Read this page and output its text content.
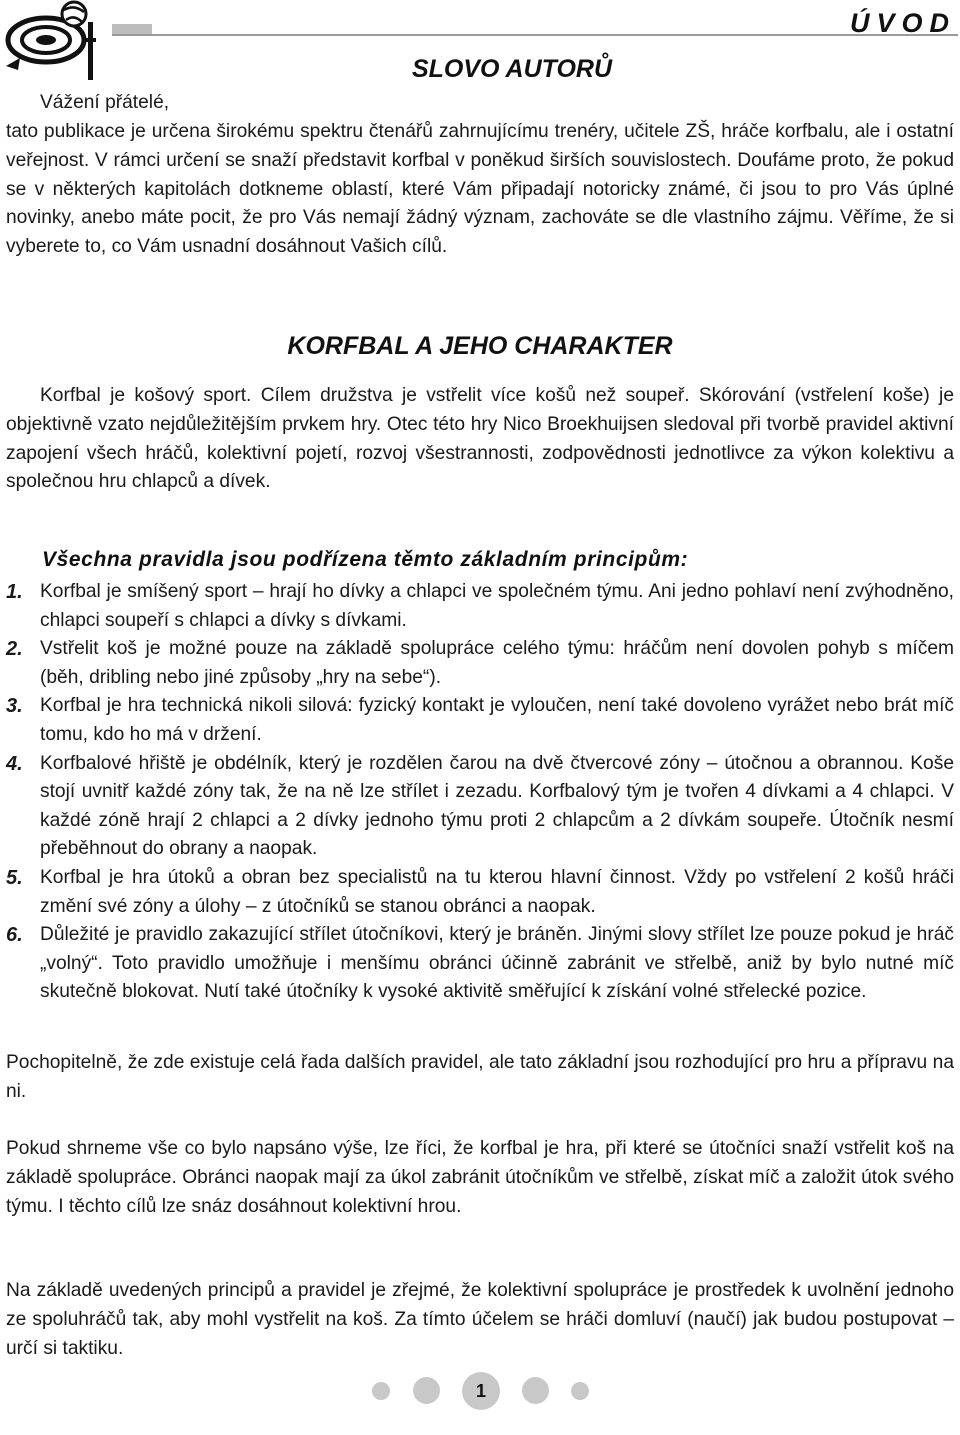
ÚVOD
SLOVO AUTORŮ

Vážení přátelé,

tato publikace je určena širokému spektru čtenářů zahrnujícímu trenéry, učitele ZŠ, hráče korfbalu, ale i ostatní veřejnost. V rámci určení se snaží představit korfbal v poněkud širších souvislostech. Doufáme proto, že pokud se v některých kapitolách dotkneme oblastí, které Vám připadají notoricky známé, či jsou to pro Vás úplné novinky, anebo máte pocit, že pro Vás nemají žádný význam, zachováte se dle vlastního zájmu. Věříme, že si vyberete to, co Vám usnadní dosáhnout Vašich cílů.

KORFBAL A JEHO CHARAKTER

Korfbal je košový sport. Cílem družstva je vstřelit více košů než soupeř. Skórování (vstřelení koše) je objektivně vzato nejdůležitějším prvkem hry. Otec této hry Nico Broekhuijsen sledoval při tvorbě pravidel aktivní zapojení všech hráčů, kolektivní pojetí, rozvoj všestrannosti, zodpovědnosti jednotlivce za výkon kolektivu a společnou hru chlapců a dívek.

Všechna pravidla jsou podřízena těmto základním principům:

1. Korfbal je smíšený sport – hrají ho dívky a chlapci ve společném týmu. Ani jedno pohlaví není zvýhodněno, chlapci soupeří s chlapci a dívky s dívkami.
2. Vstřelit koš je možné pouze na základě spolupráce celého týmu: hráčům není dovolen pohyb s míčem (běh, dribling nebo jiné způsoby „hry na sebe“).
3. Korfbal je hra technická nikoli silová: fyzický kontakt je vyloučen, není také dovoleno vyrážet nebo brát míč tomu, kdo ho má v držení.
4. Korfbalové hřiště je obdélník, který je rozdělen čarou na dvě čtvercové zóny – útočnou a obrannou. Koše stojí uvnitř každé zóny tak, že na ně lze střílet i zezadu. Korfbalový tým je tvořen 4 dívkami a 4 chlapci. V každé zóně hrají 2 chlapci a 2 dívky jednoho týmu proti 2 chlapcům a 2 dívkám soupeře. Útočník nesmí přeběhnout do obrany a naopak.
5. Korfbal je hra útoků a obran bez specialistů na tu kterou hlavní činnost. Vždy po vstřelení 2 košů hráči změní své zóny a úlohy – z útočníků se stanou obránci a naopak.
6. Důležité je pravidlo zakazující střílet útočníkovi, který je bráněn. Jinými slovy střílet lze pouze pokud je hráč „volný“. Toto pravidlo umožňuje i menšímu obránci účinně zabránit ve střelbě, aniž by bylo nutné míč skutečně blokovat. Nutí také útočníky k vysoké aktivitě směřující k získání volné střelecké pozice.

Pochopitelně, že zde existuje celá řada dalších pravidel, ale tato základní jsou rozhodující pro hru a přípravu na ni.

Pokud shrneme vše co bylo napsáno výše, lze říci, že korfbal je hra, při které se útočníci snaží vstřelit koš na základě spolupráce. Obránci naopak mají za úkol zabránit útočníkům ve střelbě, získat míč a založit útok svého týmu. I těchto cílů lze snáz dosáhnout kolektivní hrou.

Na základě uvedených principů a pravidel je zřejmé, že kolektivní spolupráce je prostředek k uvolnění jednoho ze spoluhráčů tak, aby mohl vystřelit na koš. Za tímto účelem se hráči domluví (naučí) jak budou postupovat – určí si taktiku.

1
